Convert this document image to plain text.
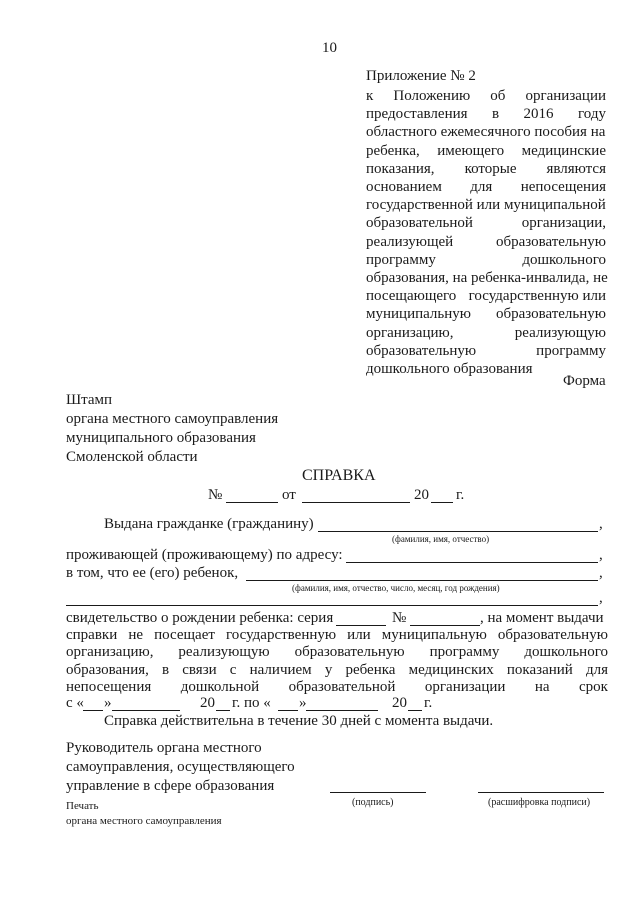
10
Приложение № 2
к Положению об организации
предоставления в 2016 году
областного ежемесячного пособия на
ребенка, имеющего медицинские
показания, которые являются
основанием для непосещения
государственной или муниципальной
образовательной	организации,
реализующей	образовательную
программу	дошкольного
образования, на ребенка-инвалида, не
посещающего государственную или
муниципальную образовательную
организацию,	реализующую
образовательную	программу
дошкольного образования
Форма
Штамп
органа местного самоуправления
муниципального образования
Смоленской области
СПРАВКА
№	от	20 г.
Выдана гражданке (гражданину)	,
(фамилия, имя, отчество)
проживающей (проживающему) по адресу:	,
в том, что ее (его) ребенок,	,
(фамилия, имя, отчество, число, месяц, год рождения)
,
свидетельство о рождении ребенка: серия	№	, на момент выдачи
справки не посещает государственную или муниципальную образовательную
организацию, реализующую образовательную программу дошкольного
образования, в связи с наличием у ребенка медицинских показаний для
непосещения дошкольной образовательной организации на срок
с « »	20 г. по « »	20 г.
Справка действительна в течение 30 дней с момента выдачи.
Руководитель органа местного
самоуправления, осуществляющего
управление в сфере образования
(подпись)	(расшифровка подписи)
Печать
органа местного самоуправления
